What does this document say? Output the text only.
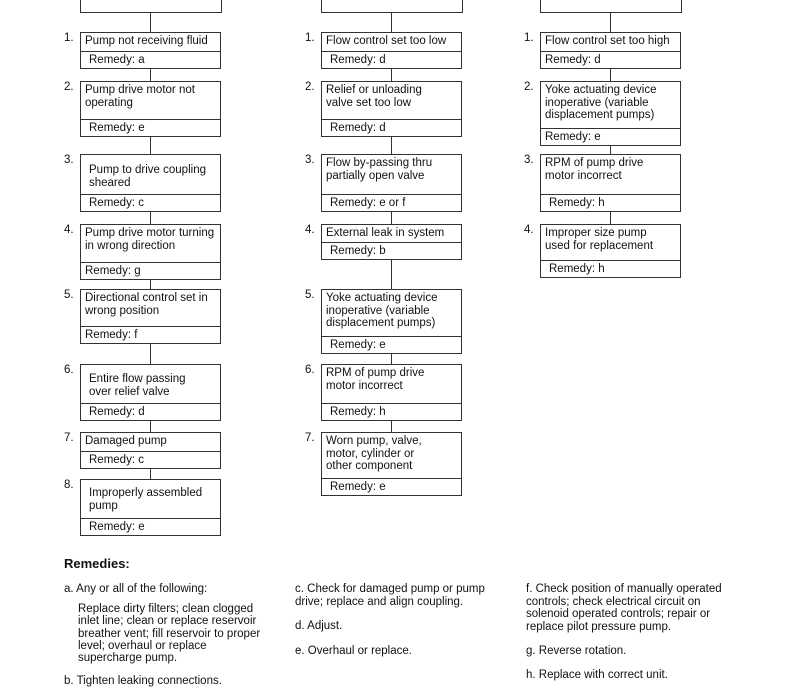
1. Pump not receiving fluid
Remedy: a
2. Pump drive motor not
operating
Remedy: e
3.
Pump to drive coupling
sheared
Remedy: c
4. Pump drive motor turning
in wrong direction
Remedy: g
5. Directional control set in
wrong position
Remedy: f
6.
Entire flow passing
over relief valve
Remedy: d
7. Damaged pump
Remedy: c
8.
Improperly assembled
pump
Remedy: e
1. Flow control set too low
Remedy: d
2. Relief or unloading
valve set too low
Remedy: d
3. Flow by-passing thru
partially open valve
Remedy: e or f
4. External leak in system
Remedy: b
5. Yoke actuating device
inoperative (variable
displacement pumps)
Remedy: e
6. RPM of pump drive
motor incorrect
Remedy: h
7. Worn pump, valve,
motor, cylinder or
other component
Remedy: e
1. Flow control set too high
Remedy: d
2. Yoke actuating device
inoperative (variable
displacement pumps)
Remedy: e
3. RPM of pump drive
motor incorrect
Remedy: h
4. Improper size pump
used for replacement
Remedy: h
Remedies:
a. Any or all of the following:
Replace dirty filters; clean clogged
inlet line; clean or replace reservoir
breather vent; fill reservoir to proper
level; overhaul or replace
supercharge pump.
b. Tighten leaking connections.
c. Check for damaged pump or pump
drive; replace and align coupling.
d. Adjust.
e. Overhaul or replace.
f. Check position of manually operated
controls; check electrical circuit on
solenoid operated controls; repair or
replace pilot pressure pump.
g. Reverse rotation.
h. Replace with correct unit.
